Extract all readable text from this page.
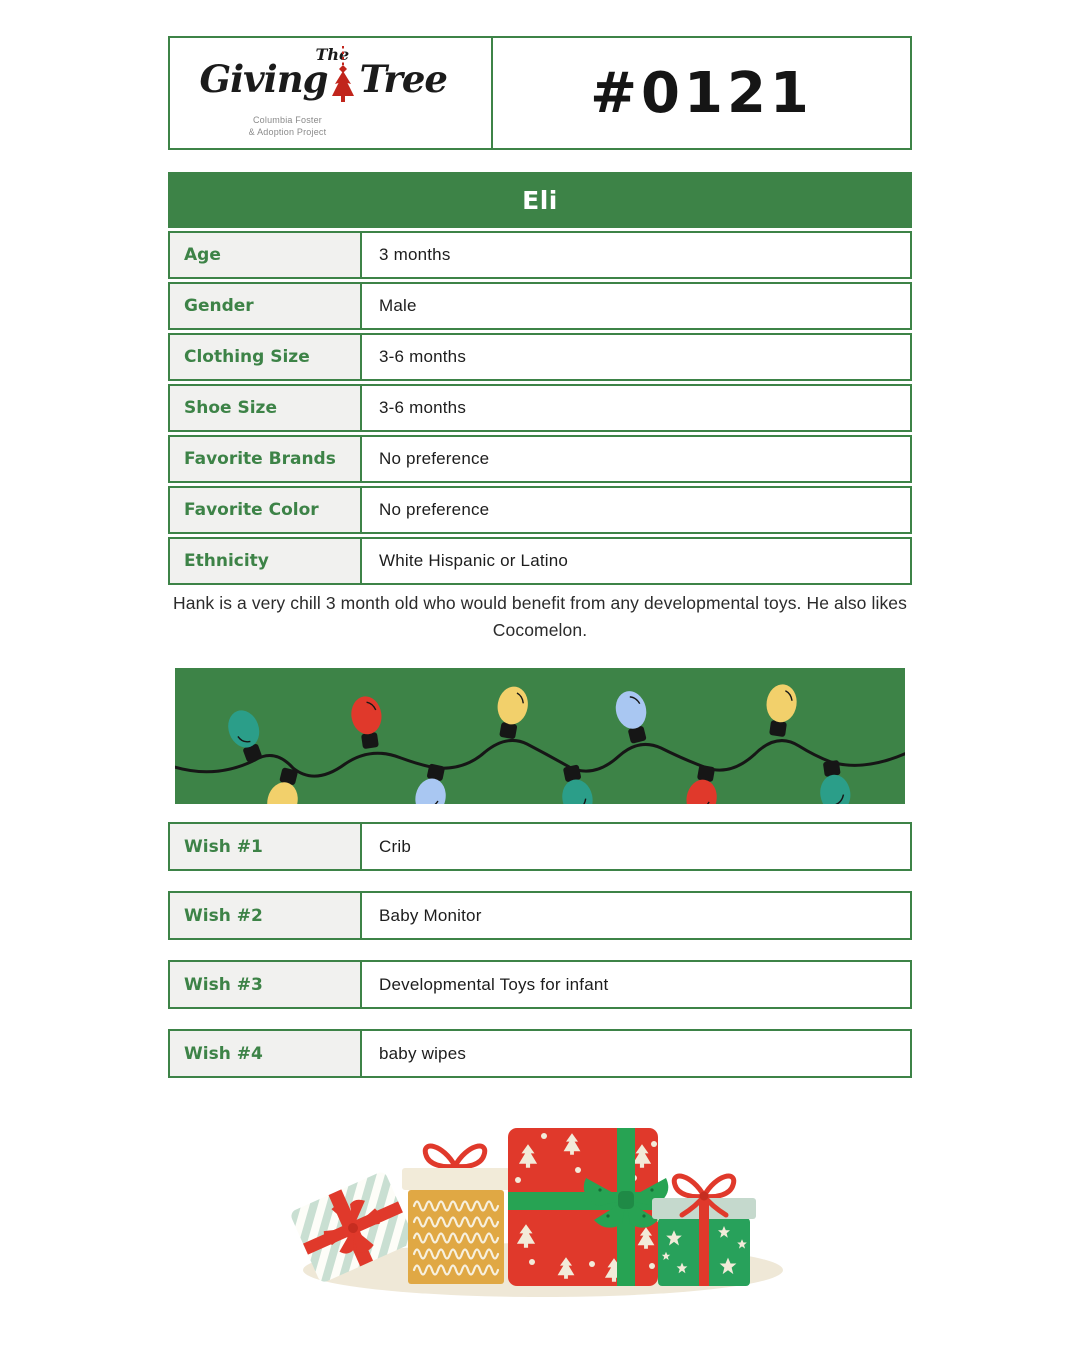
The
Giving Tree
Columbia Foster
& Adoption Project
#0121
Eli
Age	3 months
Gender	Male
Clothing Size	3-6 months
Shoe Size	3-6 months
Favorite Brands	No preference
Favorite Color	No preference
Ethnicity	White Hispanic or Latino

Hank is a very chill 3 month old who would benefit from any developmental toys. He also likes Cocomelon.

Wish #1	Crib
Wish #2	Baby Monitor
Wish #3	Developmental Toys for infant
Wish #4	baby wipes
